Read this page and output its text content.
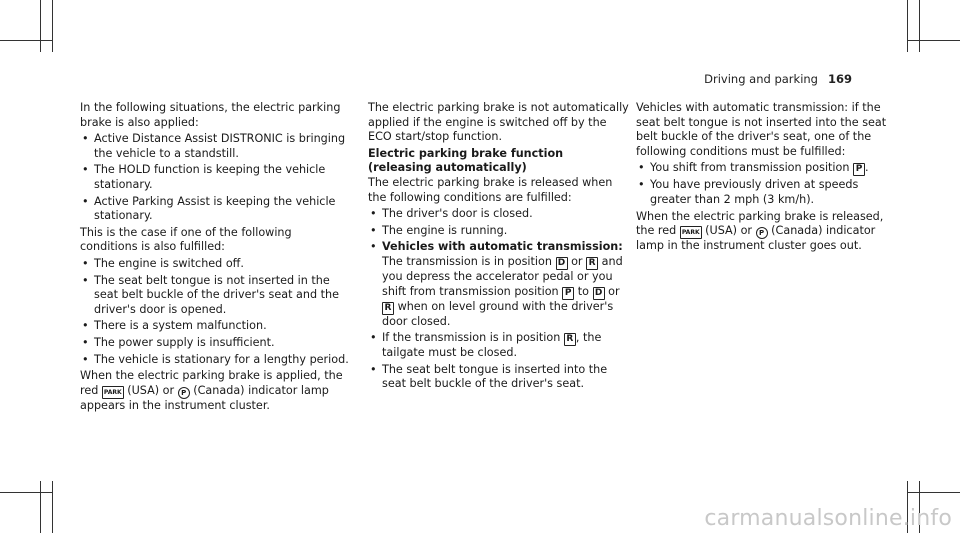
Driving and parking 169

In the following situations, the electric parking brake is also applied:

• Active Distance Assist DISTRONIC is bringing the vehicle to a standstill.
• The HOLD function is keeping the vehicle stationary.
• Active Parking Assist is keeping the vehicle stationary.

This is the case if one of the following conditions is also fulfilled:

• The engine is switched off.
• The seat belt tongue is not inserted in the seat belt buckle of the driver's seat and the driver's door is opened.
• There is a system malfunction.
• The power supply is insufficient.
• The vehicle is stationary for a lengthy period.

When the electric parking brake is applied, the red PARK (USA) or P (Canada) indicator lamp appears in the instrument cluster.

The electric parking brake is not automatically applied if the engine is switched off by the ECO start/stop function.

Electric parking brake function (releasing automatically)

The electric parking brake is released when the following conditions are fulfilled:

• The driver's door is closed.
• The engine is running.
• Vehicles with automatic transmission:
The transmission is in position D or R and you depress the accelerator pedal or you shift from transmission position P to D or R when on level ground with the driver's door closed.
• If the transmission is in position R , the tailgate must be closed.
• The seat belt tongue is inserted into the seat belt buckle of the driver's seat.

Vehicles with automatic transmission: if the seat belt tongue is not inserted into the seat belt buckle of the driver's seat, one of the following conditions must be fulfilled:

• You shift from transmission position P .
• You have previously driven at speeds greater than 2 mph (3 km/h).

When the electric parking brake is released, the red PARK (USA) or P (Canada) indicator lamp in the instrument cluster goes out.

carmanualsonline.info
